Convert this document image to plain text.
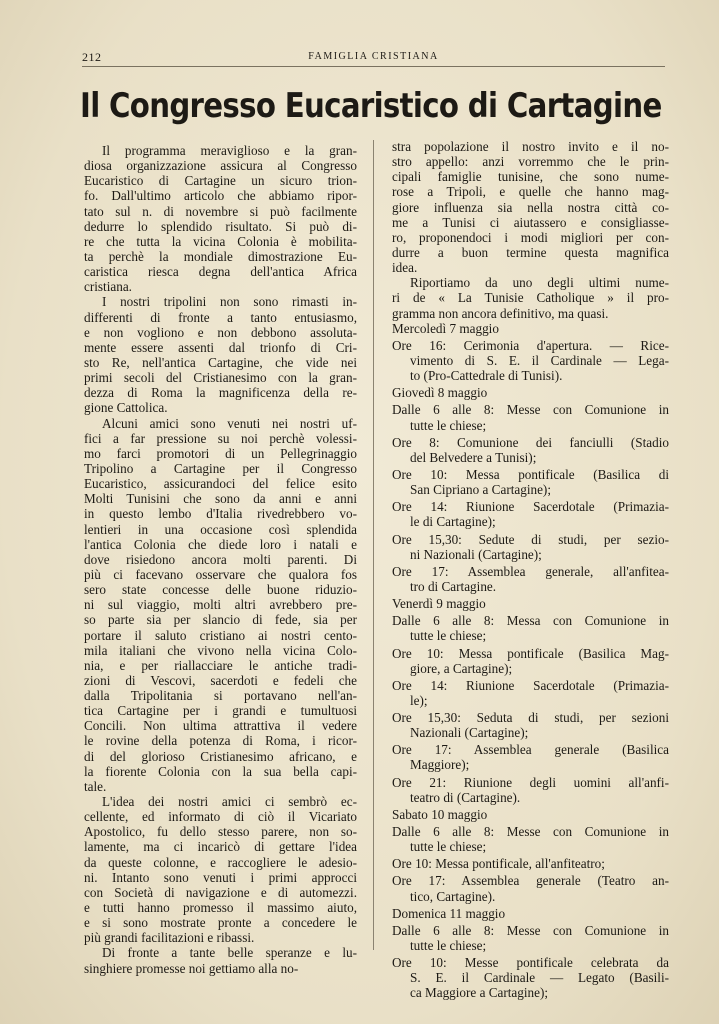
212	FAMIGLIA CRISTIANA
Il Congresso Eucaristico di Cartagine
Il programma meraviglioso e la gran-
diosa organizzazione assicura al Congresso
Eucaristico di Cartagine un sicuro trion-
fo. Dall'ultimo articolo che abbiamo ripor-
tato sul n. di novembre si può facilmente
dedurre lo splendido risultato. Si può di-
re che tutta la vicina Colonia è mobilita-
ta perchè la mondiale dimostrazione Eu-
caristica riesca degna dell'antica Africa
cristiana.
I nostri tripolini non sono rimasti in-
differenti di fronte a tanto entusiasmo,
e non vogliono e non debbono assoluta-
mente essere assenti dal trionfo di Cri-
sto Re, nell'antica Cartagine, che vide nei
primi secoli del Cristianesimo con la gran-
dezza di Roma la magnificenza della re-
gione Cattolica.
Alcuni amici sono venuti nei nostri uf-
fici a far pressione su noi perchè volessi-
mo farci promotori di un Pellegrinaggio
Tripolino a Cartagine per il Congresso
Eucaristico, assicurandoci del felice esito
Molti Tunisini che sono da anni e anni
in questo lembo d'Italia rivedrebbero vo-
lentieri in una occasione così splendida
l'antica Colonia che diede loro i natali e
dove risiedono ancora molti parenti. Di
più ci facevano osservare che qualora fos
sero state concesse delle buone riduzio-
ni sul viaggio, molti altri avrebbero pre-
so parte sia per slancio di fede, sia per
portare il saluto cristiano ai nostri cento-
mila italiani che vivono nella vicina Colo-
nia, e per riallacciare le antiche tradi-
zioni di Vescovi, sacerdoti e fedeli che
dalla Tripolitania si portavano nell'an-
tica Cartagine per i grandi e tumultuosi
Concili. Non ultima attrattiva il vedere
le rovine della potenza di Roma, i ricor-
di del glorioso Cristianesimo africano, e
la fiorente Colonia con la sua bella capi-
tale.
L'idea dei nostri amici ci sembrò ec-
cellente, ed informato di ciò il Vicariato
Apostolico, fu dello stesso parere, non so-
lamente, ma ci incaricò di gettare l'idea
da queste colonne, e raccogliere le adesio-
ni. Intanto sono venuti i primi approcci
con Società di navigazione e di automezzi.
e tutti hanno promesso il massimo aiuto,
e si sono mostrate pronte a concedere le
più grandi facilitazioni e ribassi.
Di fronte a tante belle speranze e lu-
singhiere promesse noi gettiamo alla no-
stra popolazione il nostro invito e il no-
stro appello: anzi vorremmo che le prin-
cipali famiglie tunisine, che sono nume-
rose a Tripoli, e quelle che hanno mag-
giore influenza sia nella nostra città co-
me a Tunisi ci aiutassero e consigliasse-
ro, proponendoci i modi migliori per con-
durre a buon termine questa magnifica
idea.
Riportiamo da uno degli ultimi nume-
ri de « La Tunisie Catholique » il pro-
gramma non ancora definitivo, ma quasi.
Mercoledì 7 maggio
Ore 16: Cerimonia d'apertura. — Rice-
vimento di S. E. il Cardinale — Lega-
to (Pro-Cattedrale di Tunisi).
Giovedì 8 maggio
Dalle 6 alle 8: Messe con Comunione in
tutte le chiese;
Ore 8: Comunione dei fanciulli (Stadio
del Belvedere a Tunisi);
Ore 10: Messa pontificale (Basilica di
San Cipriano a Cartagine);
Ore 14: Riunione Sacerdotale (Primazia-
le di Cartagine);
Ore 15,30: Sedute di studi, per sezio-
ni Nazionali (Cartagine);
Ore 17: Assemblea generale, all'anfitea-
tro di Cartagine.
Venerdì 9 maggio
Dalle 6 alle 8: Messa con Comunione in
tutte le chiese;
Ore 10: Messa pontificale (Basilica Mag-
giore, a Cartagine);
Ore 14: Riunione Sacerdotale (Primazia-
le);
Ore 15,30: Seduta di studi, per sezioni
Nazionali (Cartagine);
Ore 17: Assemblea generale (Basilica
Maggiore);
Ore 21: Riunione degli uomini all'anfi-
teatro di (Cartagine).
Sabato 10 maggio
Dalle 6 alle 8: Messe con Comunione in
tutte le chiese;
Ore 10: Messa pontificale, all'anfiteatro;
Ore 17: Assemblea generale (Teatro an-
tico, Cartagine).
Domenica 11 maggio
Dalle 6 alle 8: Messe con Comunione in
tutte le chiese;
Ore 10: Messe pontificale celebrata da
S. E. il Cardinale — Legato (Basili-
ca Maggiore a Cartagine);
